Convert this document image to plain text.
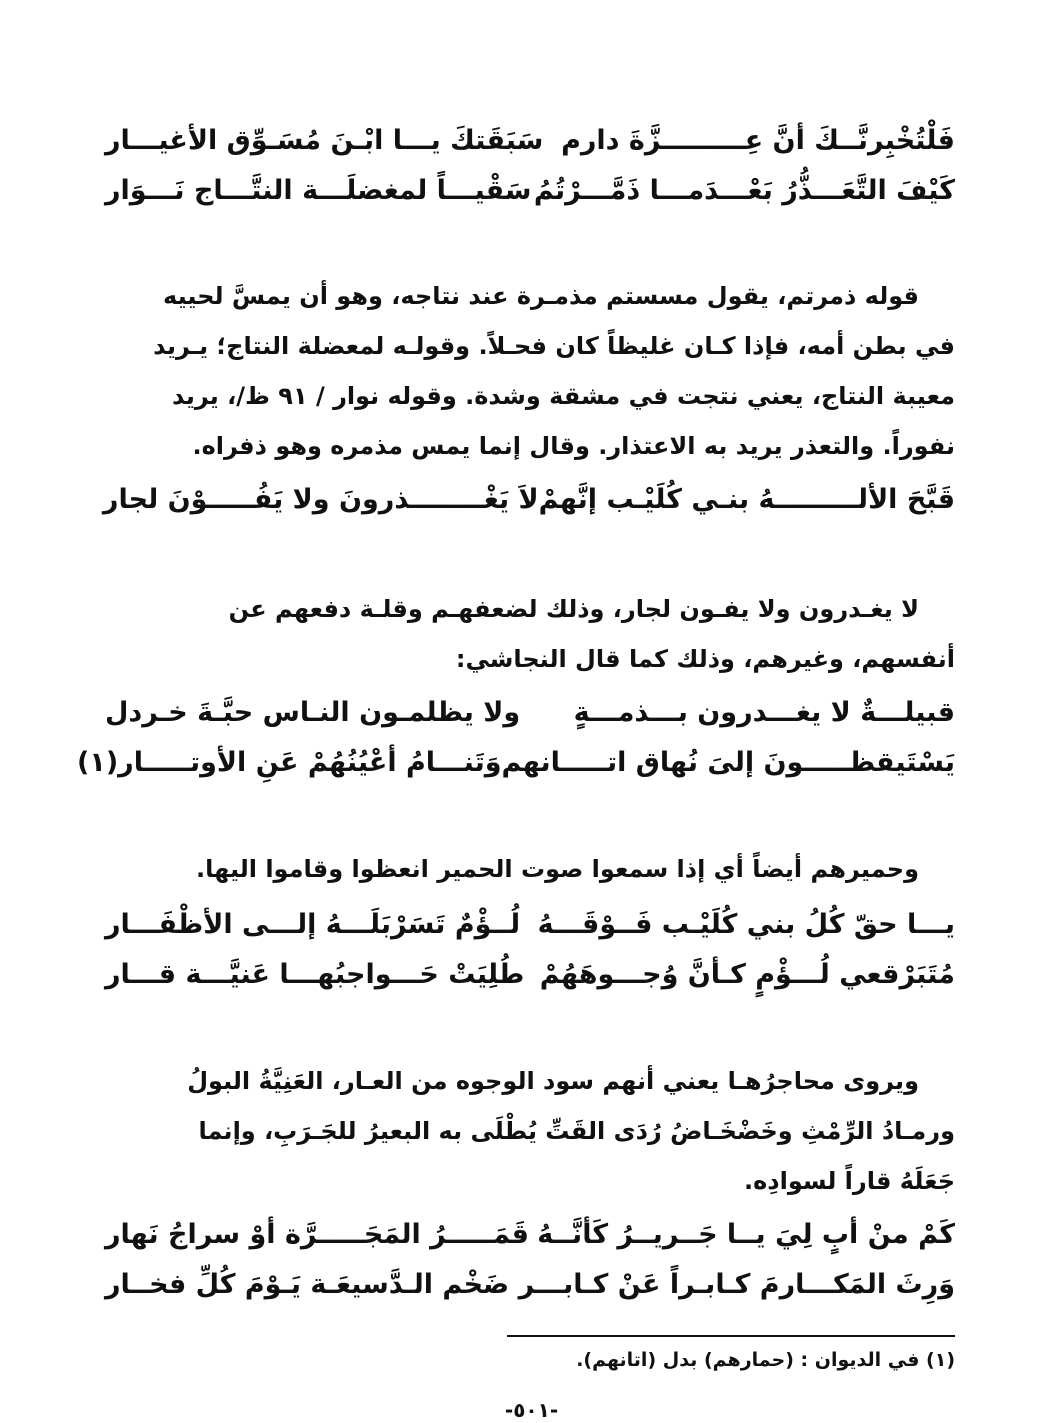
فَلْتُخْبِرنَّــكَ أنَّ عِـــــــــزَّةَ دارم
سَبَقَتكَ يـــا ابْـنَ مُسَـوِّق الأغيـــار
كَيْفَ التَّعَـــذُّرُ بَعْـــدَمـــا ذَمَّـــرْتُمُ
سَقْيـــاً لمغضلَـــة النتَّـــاج نَـــوَار
قوله ذمرتم، يقول مسستم مذمـرة عند نتاجه، وهو أن يمسَّ لحييه
في بطن أمه، فإذا كـان غليظاً كان فحـلاً. وقولـه لمعضلة النتاج؛ يـريد
معيبة النتاج، يعني نتجت في مشقة وشدة. وقوله نوار / ٩١ ظ/، يريد
نفوراً. والتعذر يريد به الاعتذار. وقال إنما يمس مذمره وهو ذفراه.
قَبَّحَ الألـــــــــهُ بنـي كُلَيْـب إنَّهمْ
لاَ يَغْــــــــذرونَ ولا يَفُـــــوْنَ لجار
لا يغـدرون ولا يفـون لجار، وذلك لضعفهـم وقلـة دفعهم عن
أنفسهم، وغيرهم، وذلك كما قال النجاشي:
قبيلـــةٌ لا يغـــدرون بـــذمـــةٍ
ولا يظلمـون النـاس حبَّـةَ خـردل
يَسْتَيقظـــــونَ إلىَ نُهاق اتـــــانهم
وَتَنـــامُ أعْيُنُهُمْ عَنِ الأوتـــــار(١)
وحميرهم أيضاً أي إذا سمعوا صوت الحمير انعظوا وقاموا اليها.
يـــا حقّ كُلُ بني كُلَيْـب فَــوْقَـــهُ
لُــؤْمٌ تَسَرْبَلَـــهُ إلـــى الأظْفَـــار
مُتَبَرْقعي لُـــؤْمٍ كـأنَّ وُجـــوهَهُمْ
طُلِيَتْ حَـــواجبُهـــا عَنيَّـــة قـــار
ويروى محاجرُهـا يعني أنهم سود الوجوه من العـار، العَنِيَّةُ البولُ
ورمـادُ الرِّمْثِ وخَضْخَـاضُ رُدَى القَتِّ يُطْلَى به البعيرُ للجَـرَبِ، وإنما
جَعَلَهُ قاراً لسوادِه.
كَمْ منْ أبٍ لِيَ يــا جَــريــرُ كَأنَّــهُ
قَمَـــــرُ المَجَـــــرَّة أوْ سراجُ نَهار
وَرِثَ المَكـــارمَ كـابـراً عَنْ كـابـــر
ضَخْم الـدَّسيعَـة يَـوْمَ كُلِّ فخــار
(١) في الديوان : (حمارهم) بدل (اتانهم).
-٥٠١-
